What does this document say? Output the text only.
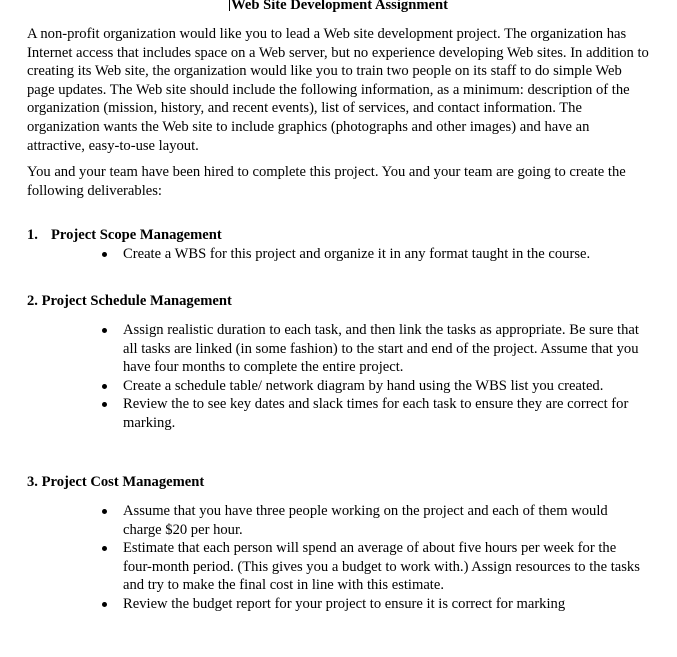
Web Site Development Assignment

A non-profit organization would like you to lead a Web site development project. The organization has Internet access that includes space on a Web server, but no experience developing Web sites. In addition to creating its Web site, the organization would like you to train two people on its staff to do simple Web page updates. The Web site should include the following information, as a minimum: description of the organization (mission, history, and recent events), list of services, and contact information. The organization wants the Web site to include graphics (photographs and other images) and have an attractive, easy-to-use layout.

You and your team have been hired to complete this project. You and your team are going to create the following deliverables:

1. Project Scope Management

Create a WBS for this project and organize it in any format taught in the course.

2. Project Schedule Management

Assign realistic duration to each task, and then link the tasks as appropriate. Be sure that all tasks are linked (in some fashion) to the start and end of the project. Assume that you have four months to complete the entire project.
Create a schedule table/ network diagram by hand using the WBS list you created.
Review the to see key dates and slack times for each task to ensure they are correct for marking.

3. Project Cost Management

Assume that you have three people working on the project and each of them would charge $20 per hour.
Estimate that each person will spend an average of about five hours per week for the four-month period. (This gives you a budget to work with.) Assign resources to the tasks and try to make the final cost in line with this estimate.
Review the budget report for your project to ensure it is correct for marking
